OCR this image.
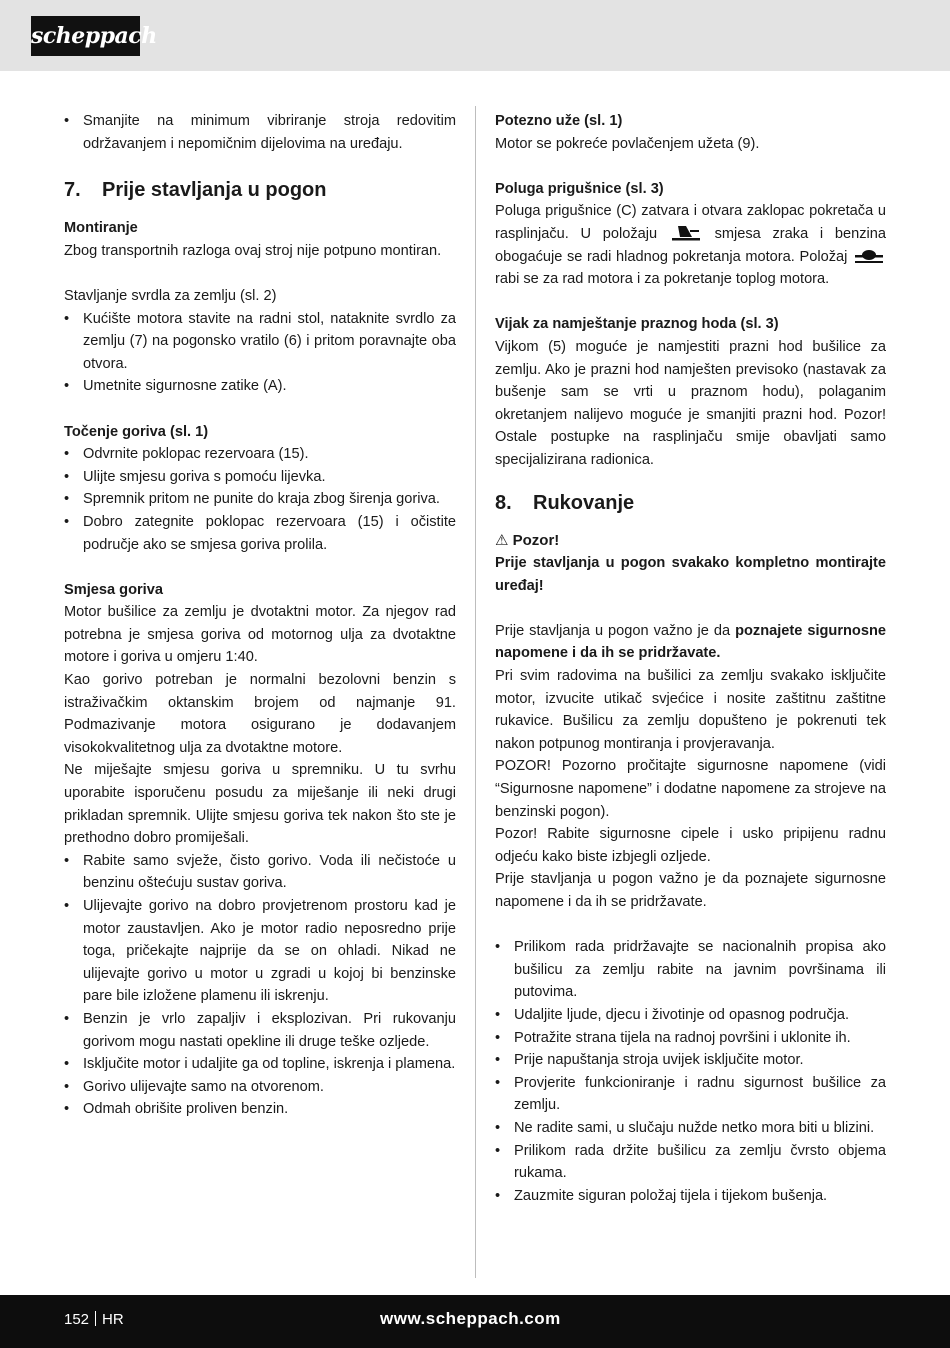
scheppach
• Smanjite na minimum vibriranje stroja redovitim održavanjem i nepomičnim dijelovima na uređaju.
7.	Prije stavljanja u pogon
Montiranje
Zbog transportnih razloga ovaj stroj nije potpuno montiran.
Stavljanje svrdla za zemlju (sl. 2)
• Kućište motora stavite na radni stol, nataknite svrdlo za zemlju (7) na pogonsko vratilo (6) i pritom poravnajte oba otvora.
• Umetnite sigurnosne zatike (A).
Točenje goriva (sl. 1)
• Odvrnite poklopac rezervoara (15).
• Ulijte smjesu goriva s pomoću lijevka.
• Spremnik pritom ne punite do kraja zbog širenja goriva.
• Dobro zategnite poklopac rezervoara (15) i očistite područje ako se smjesa goriva prolila.
Smjesa goriva
Motor bušilice za zemlju je dvotaktni motor. Za njegov rad potrebna je smjesa goriva od motornog ulja za dvotaktne motore i goriva u omjeru 1:40.
Kao gorivo potreban je normalni bezolovni benzin s istraživačkim oktanskim brojem od najmanje 91. Podmazivanje motora osigurano je dodavanjem visokokvalitetnog ulja za dvotaktne motore.
Ne miješajte smjesu goriva u spremniku. U tu svrhu uporabite isporučenu posudu za miješanje ili neki drugi prikladan spremnik. Ulijte smjesu goriva tek nakon što ste je prethodno dobro promiješali.
• Rabite samo svježe, čisto gorivo. Voda ili nečistoće u benzinu oštećuju sustav goriva.
• Ulijevajte gorivo na dobro provjetrenom prostoru kad je motor zaustavljen. Ako je motor radio neposredno prije toga, pričekajte najprije da se on ohladi. Nikad ne ulijevajte gorivo u motor u zgradi u kojoj bi benzinske pare bile izložene plamenu ili iskrenju.
• Benzin je vrlo zapaljiv i eksplozivan. Pri rukovanju gorivom mogu nastati opekline ili druge teške ozljede.
• Isključite motor i udaljite ga od topline, iskrenja i plamena.
• Gorivo ulijevajte samo na otvorenom.
• Odmah obrišite proliven benzin.
Potezno uže (sl. 1)
Motor se pokreće povlačenjem užeta (9).
Poluga prigušnice (sl. 3)
Poluga prigušnice (C) zatvara i otvara zaklopac pokretača u rasplinjaču. U položaju	smjesa zraka i benzina obogaćuje se radi hladnog pokretanja motora. Položaj
rabi se za rad motora i za pokretanje toplog motora.
Vijak za namještanje praznog hoda (sl. 3)
Vijkom (5) moguće je namjestiti prazni hod bušilice za zemlju. Ako je prazni hod namješten previsoko (nastavak za bušenje sam se vrti u praznom hodu), polaganim okretanjem nalijevo moguće je smanjiti prazni hod. Pozor! Ostale postupke na rasplinjaču smije obavljati samo specijalizirana radionica.
8.	Rukovanje
⚠ Pozor!
Prije stavljanja u pogon svakako kompletno montirajte uređaj!
Prije stavljanja u pogon važno je da poznajete sigurnosne napomene i da ih se pridržavate.
Pri svim radovima na bušilici za zemlju svakako isključite motor, izvucite utikač svjećice i nosite zaštitnu zaštitne rukavice. Bušilicu za zemlju dopušteno je pokrenuti tek nakon potpunog montiranja i provjeravanja.
POZOR! Pozorno pročitajte sigurnosne napomene (vidi “Sigurnosne napomene” i dodatne napomene za strojeve na benzinski pogon).
Pozor! Rabite sigurnosne cipele i usko pripijenu radnu odjeću kako biste izbjegli ozljede.
Prije stavljanja u pogon važno je da poznajete sigurnosne napomene i da ih se pridržavate.
• Prilikom rada pridržavajte se nacionalnih propisa ako bušilicu za zemlju rabite na javnim površinama ili putovima.
• Udaljite ljude, djecu i životinje od opasnog područja.
• Potražite strana tijela na radnoj površini i uklonite ih.
• Prije napuštanja stroja uvijek isključite motor.
• Provjerite funkcioniranje i radnu sigurnost bušilice za zemlju.
• Ne radite sami, u slučaju nužde netko mora biti u blizini.
• Prilikom rada držite bušilicu za zemlju čvrsto objema rukama.
• Zauzmite siguran položaj tijela i tijekom bušenja.
152 HR	www.scheppach.com
